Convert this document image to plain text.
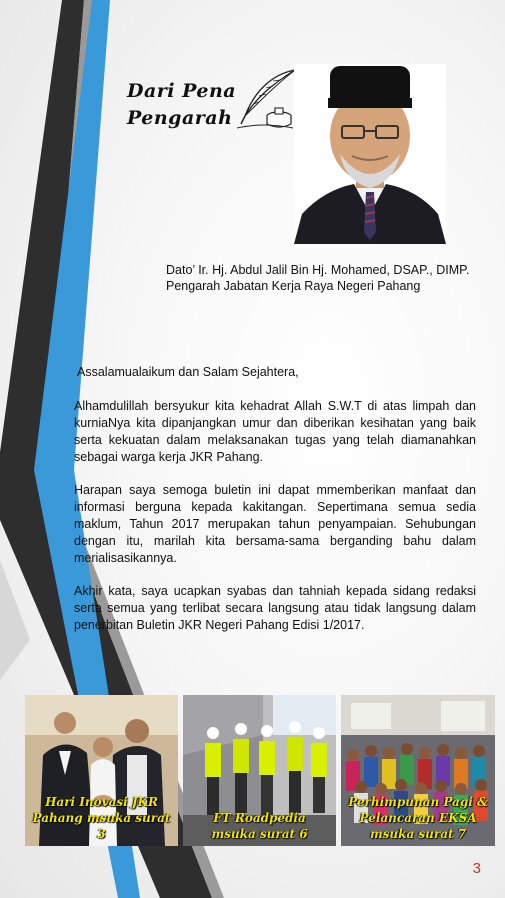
Dari Pena
Pengarah
Dato’ Ir. Hj. Abdul Jalil Bin Hj. Mohamed, DSAP., DIMP.
Pengarah Jabatan Kerja Raya Negeri Pahang

Assalamualaikum dan Salam Sejahtera,

Alhamdulillah bersyukur kita kehadrat Allah S.W.T di atas limpah dan kurniaNya kita dipanjangkan umur dan diberikan kesihatan yang baik serta kekuatan dalam melaksanakan tugas yang telah diamanahkan sebagai warga kerja JKR Pahang.

Harapan saya semoga buletin ini dapat mmemberikan manfaat dan informasi berguna kepada kakitangan. Sepertimana semua sedia maklum, Tahun 2017 merupakan tahun penyampaian. Sehubungan dengan itu, marilah kita bersama-sama berganding bahu dalam merialisasikannya.

Akhir kata, saya ucapkan syabas dan tahniah kepada sidang redaksi serta semua yang terlibat secara langsung atau tidak langsung dalam penerbitan Buletin JKR Negeri Pahang Edisi 1/2017.

Hari Inovasi JKR
Pahang msuka surat 3
FT Roadpedia
msuka surat 6
Perhimpunan Pagi &
Pelancaran EKSA
msuka surat 7
3
